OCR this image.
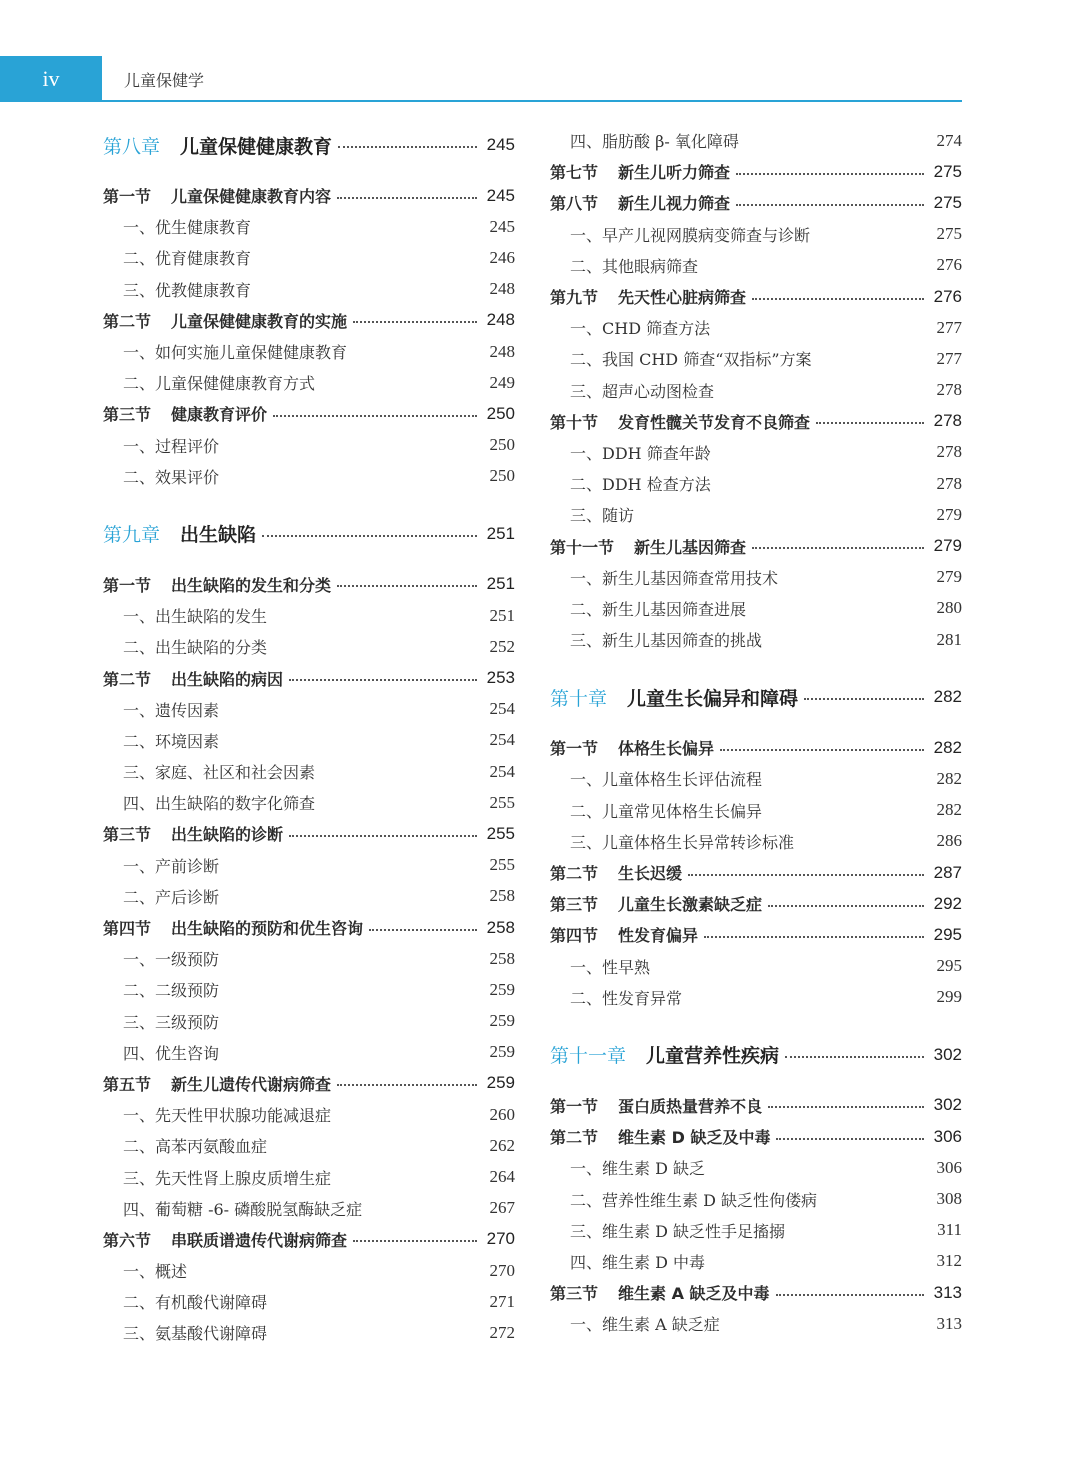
iv	儿童保健学
第八章 儿童保健健康教育	245
第一节 儿童保健健康教育内容	245
一、优生健康教育	245
二、优育健康教育	246
三、优教健康教育	248
第二节 儿童保健健康教育的实施	248
一、如何实施儿童保健健康教育	248
二、儿童保健健康教育方式	249
第三节 健康教育评价	250
一、过程评价	250
二、效果评价	250
第九章 出生缺陷	251
第一节 出生缺陷的发生和分类	251
一、出生缺陷的发生	251
二、出生缺陷的分类	252
第二节 出生缺陷的病因	253
一、遗传因素	254
二、环境因素	254
三、家庭、社区和社会因素	254
四、出生缺陷的数字化筛查	255
第三节 出生缺陷的诊断	255
一、产前诊断	255
二、产后诊断	258
第四节 出生缺陷的预防和优生咨询	258
一、一级预防	258
二、二级预防	259
三、三级预防	259
四、优生咨询	259
第五节 新生儿遗传代谢病筛查	259
一、先天性甲状腺功能减退症	260
二、高苯丙氨酸血症	262
三、先天性肾上腺皮质增生症	264
四、葡萄糖 -6- 磷酸脱氢酶缺乏症	267
第六节 串联质谱遗传代谢病筛查	270
一、概述	270
二、有机酸代谢障碍	271
三、氨基酸代谢障碍	272
四、脂肪酸 β- 氧化障碍	274
第七节 新生儿听力筛查	275
第八节 新生儿视力筛查	275
一、早产儿视网膜病变筛查与诊断	275
二、其他眼病筛查	276
第九节 先天性心脏病筛查	276
一、CHD 筛查方法	277
二、我国 CHD 筛查“双指标”方案	277
三、超声心动图检查	278
第十节 发育性髋关节发育不良筛查	278
一、DDH 筛查年龄	278
二、DDH 检查方法	278
三、随访	279
第十一节 新生儿基因筛查	279
一、新生儿基因筛查常用技术	279
二、新生儿基因筛查进展	280
三、新生儿基因筛查的挑战	281
第十章 儿童生长偏异和障碍	282
第一节 体格生长偏异	282
一、儿童体格生长评估流程	282
二、儿童常见体格生长偏异	282
三、儿童体格生长异常转诊标准	286
第二节 生长迟缓	287
第三节 儿童生长激素缺乏症	292
第四节 性发育偏异	295
一、性早熟	295
二、性发育异常	299
第十一章 儿童营养性疾病	302
第一节 蛋白质热量营养不良	302
第二节 维生素 D 缺乏及中毒	306
一、维生素 D 缺乏	306
二、营养性维生素 D 缺乏性佝偻病	308
三、维生素 D 缺乏性手足搐搦	311
四、维生素 D 中毒	312
第三节 维生素 A 缺乏及中毒	313
一、维生素 A 缺乏症	313
